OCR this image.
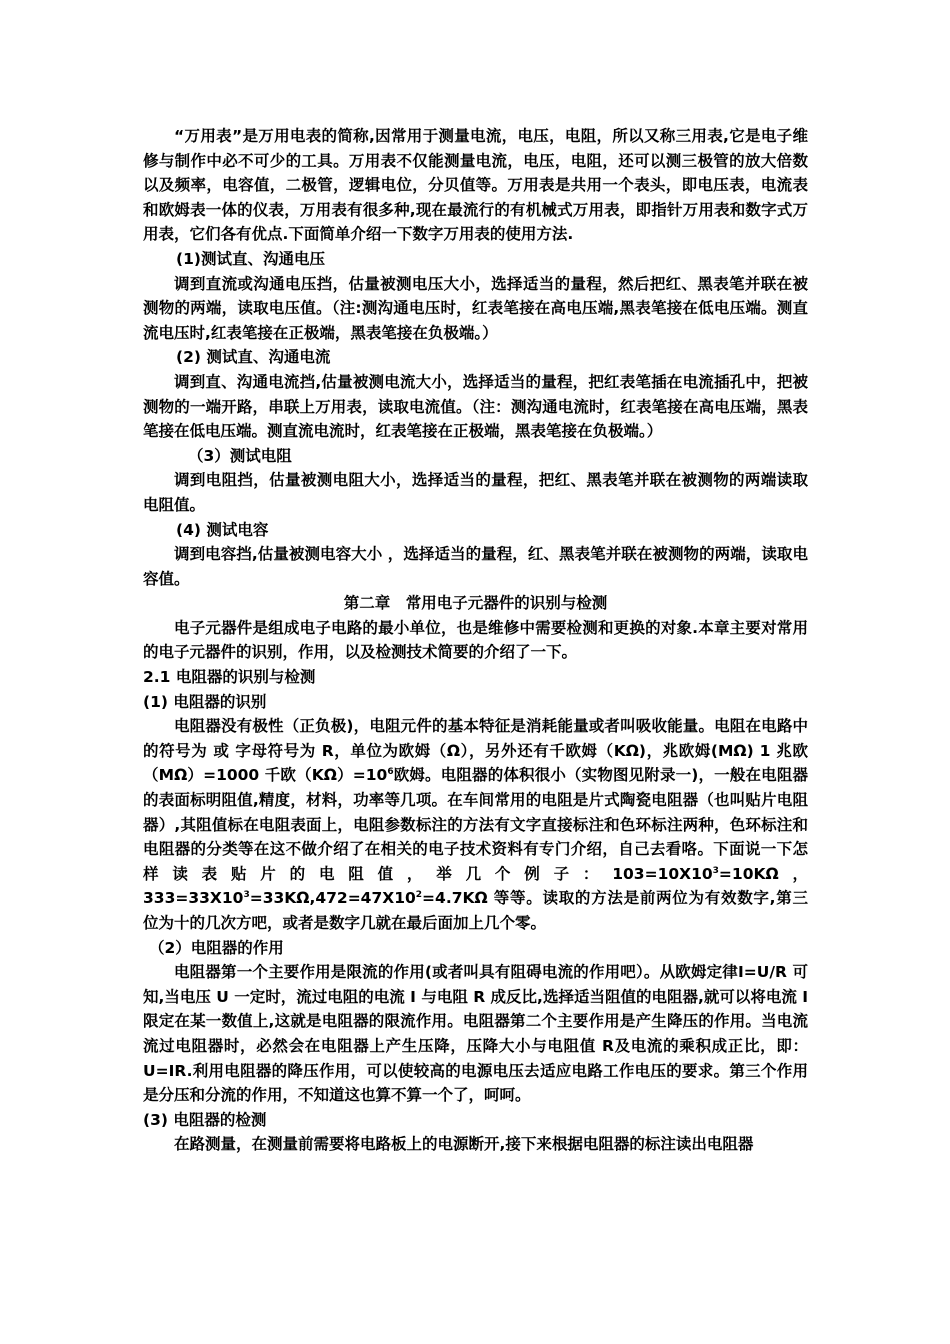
“万用表”是万用电表的简称,因常用于测量电流，电压，电阻，所以又称三用表,它是电子维修与制作中必不可少的工具。万用表不仅能测量电流，电压，电阻，还可以测三极管的放大倍数以及频率，电容值，二极管，逻辑电位，分贝值等。万用表是共用一个表头，即电压表，电流表和欧姆表一体的仪表，万用表有很多种,现在最流行的有机械式万用表，即指针万用表和数字式万用表，它们各有优点.下面简单介绍一下数字万用表的使用方法.

(1)测试直、沟通电压

调到直流或沟通电压挡，估量被测电压大小，选择适当的量程，然后把红、黑表笔并联在被测物的两端，读取电压值。（注:测沟通电压时，红表笔接在高电压端,黑表笔接在低电压端。测直流电压时,红表笔接在正极端，黑表笔接在负极端。）

(2) 测试直、沟通电流

调到直、沟通电流挡,估量被测电流大小，选择适当的量程，把红表笔插在电流插孔中，把被测物的一端开路，串联上万用表，读取电流值。（注：测沟通电流时，红表笔接在高电压端，黑表笔接在低电压端。测直流电流时，红表笔接在正极端，黑表笔接在负极端。）

（3）测试电阻

调到电阻挡，估量被测电阻大小，选择适当的量程，把红、黑表笔并联在被测物的两端读取电阻值。

(4) 测试电容

调到电容挡,估量被测电容大小 ，选择适当的量程，红、黑表笔并联在被测物的两端，读取电容值。

第二章　常用电子元器件的识别与检测

电子元器件是组成电子电路的最小单位，也是维修中需要检测和更换的对象.本章主要对常用的电子元器件的识别，作用，以及检测技术简要的介绍了一下。

2.1 电阻器的识别与检测

(1) 电阻器的识别

电阻器没有极性（正负极)，电阻元件的基本特征是消耗能量或者叫吸收能量。电阻在电路中的符号为 或 字母符号为 R，单位为欧姆（Ω），另外还有千欧姆（KΩ)，兆欧姆(MΩ) 1 兆欧（MΩ）=1000 千欧$(K\Omega)=10^6$欧姆。电阻器的体积很小（实物图见附录一)，一般在电阻器的表面标明阻值,精度，材料，功率等几项。在车间常用的电阻是片式陶瓷电阻器（也叫贴片电阻器）,其阻值标在电阻表面上，电阻参数标注的方法有文字直接标注和色环标注两种，色环标注和电阻器的分类等在这不做介绍了在相关的电子技术资料有专门介绍，自己去看咯。下面说一下怎样读表贴片的电阻值，举几个例子：$103=10X10^3=10K\Omega$，$333=33X10^3=33K\Omega,472=47X10^2=4.7K\Omega$ 等等。读取的方法是前两位为有效数字,第三位为十的几次方吧，或者是数字几就在最后面加上几个零。

（2）电阻器的作用

电阻器第一个主要作用是限流的作用(或者叫具有阻碍电流的作用吧）。从欧姆定律I=U/R 可知,当电压 U 一定时，流过电阻的电流 I 与电阻 R 成反比,选择适当阻值的电阻器,就可以将电流 I 限定在某一数值上,这就是电阻器的限流作用。电阻器第二个主要作用是产生降压的作用。当电流流过电阻器时，必然会在电阻器上产生压降，压降大小与电阻值 R及电流的乘积成正比，即：U=IR.利用电阻器的降压作用，可以使较高的电源电压去适应电路工作电压的要求。第三个作用是分压和分流的作用，不知道这也算不算一个了，呵呵。

(3) 电阻器的检测

在路测量，在测量前需要将电路板上的电源断开,接下来根据电阻器的标注读出电阻器
